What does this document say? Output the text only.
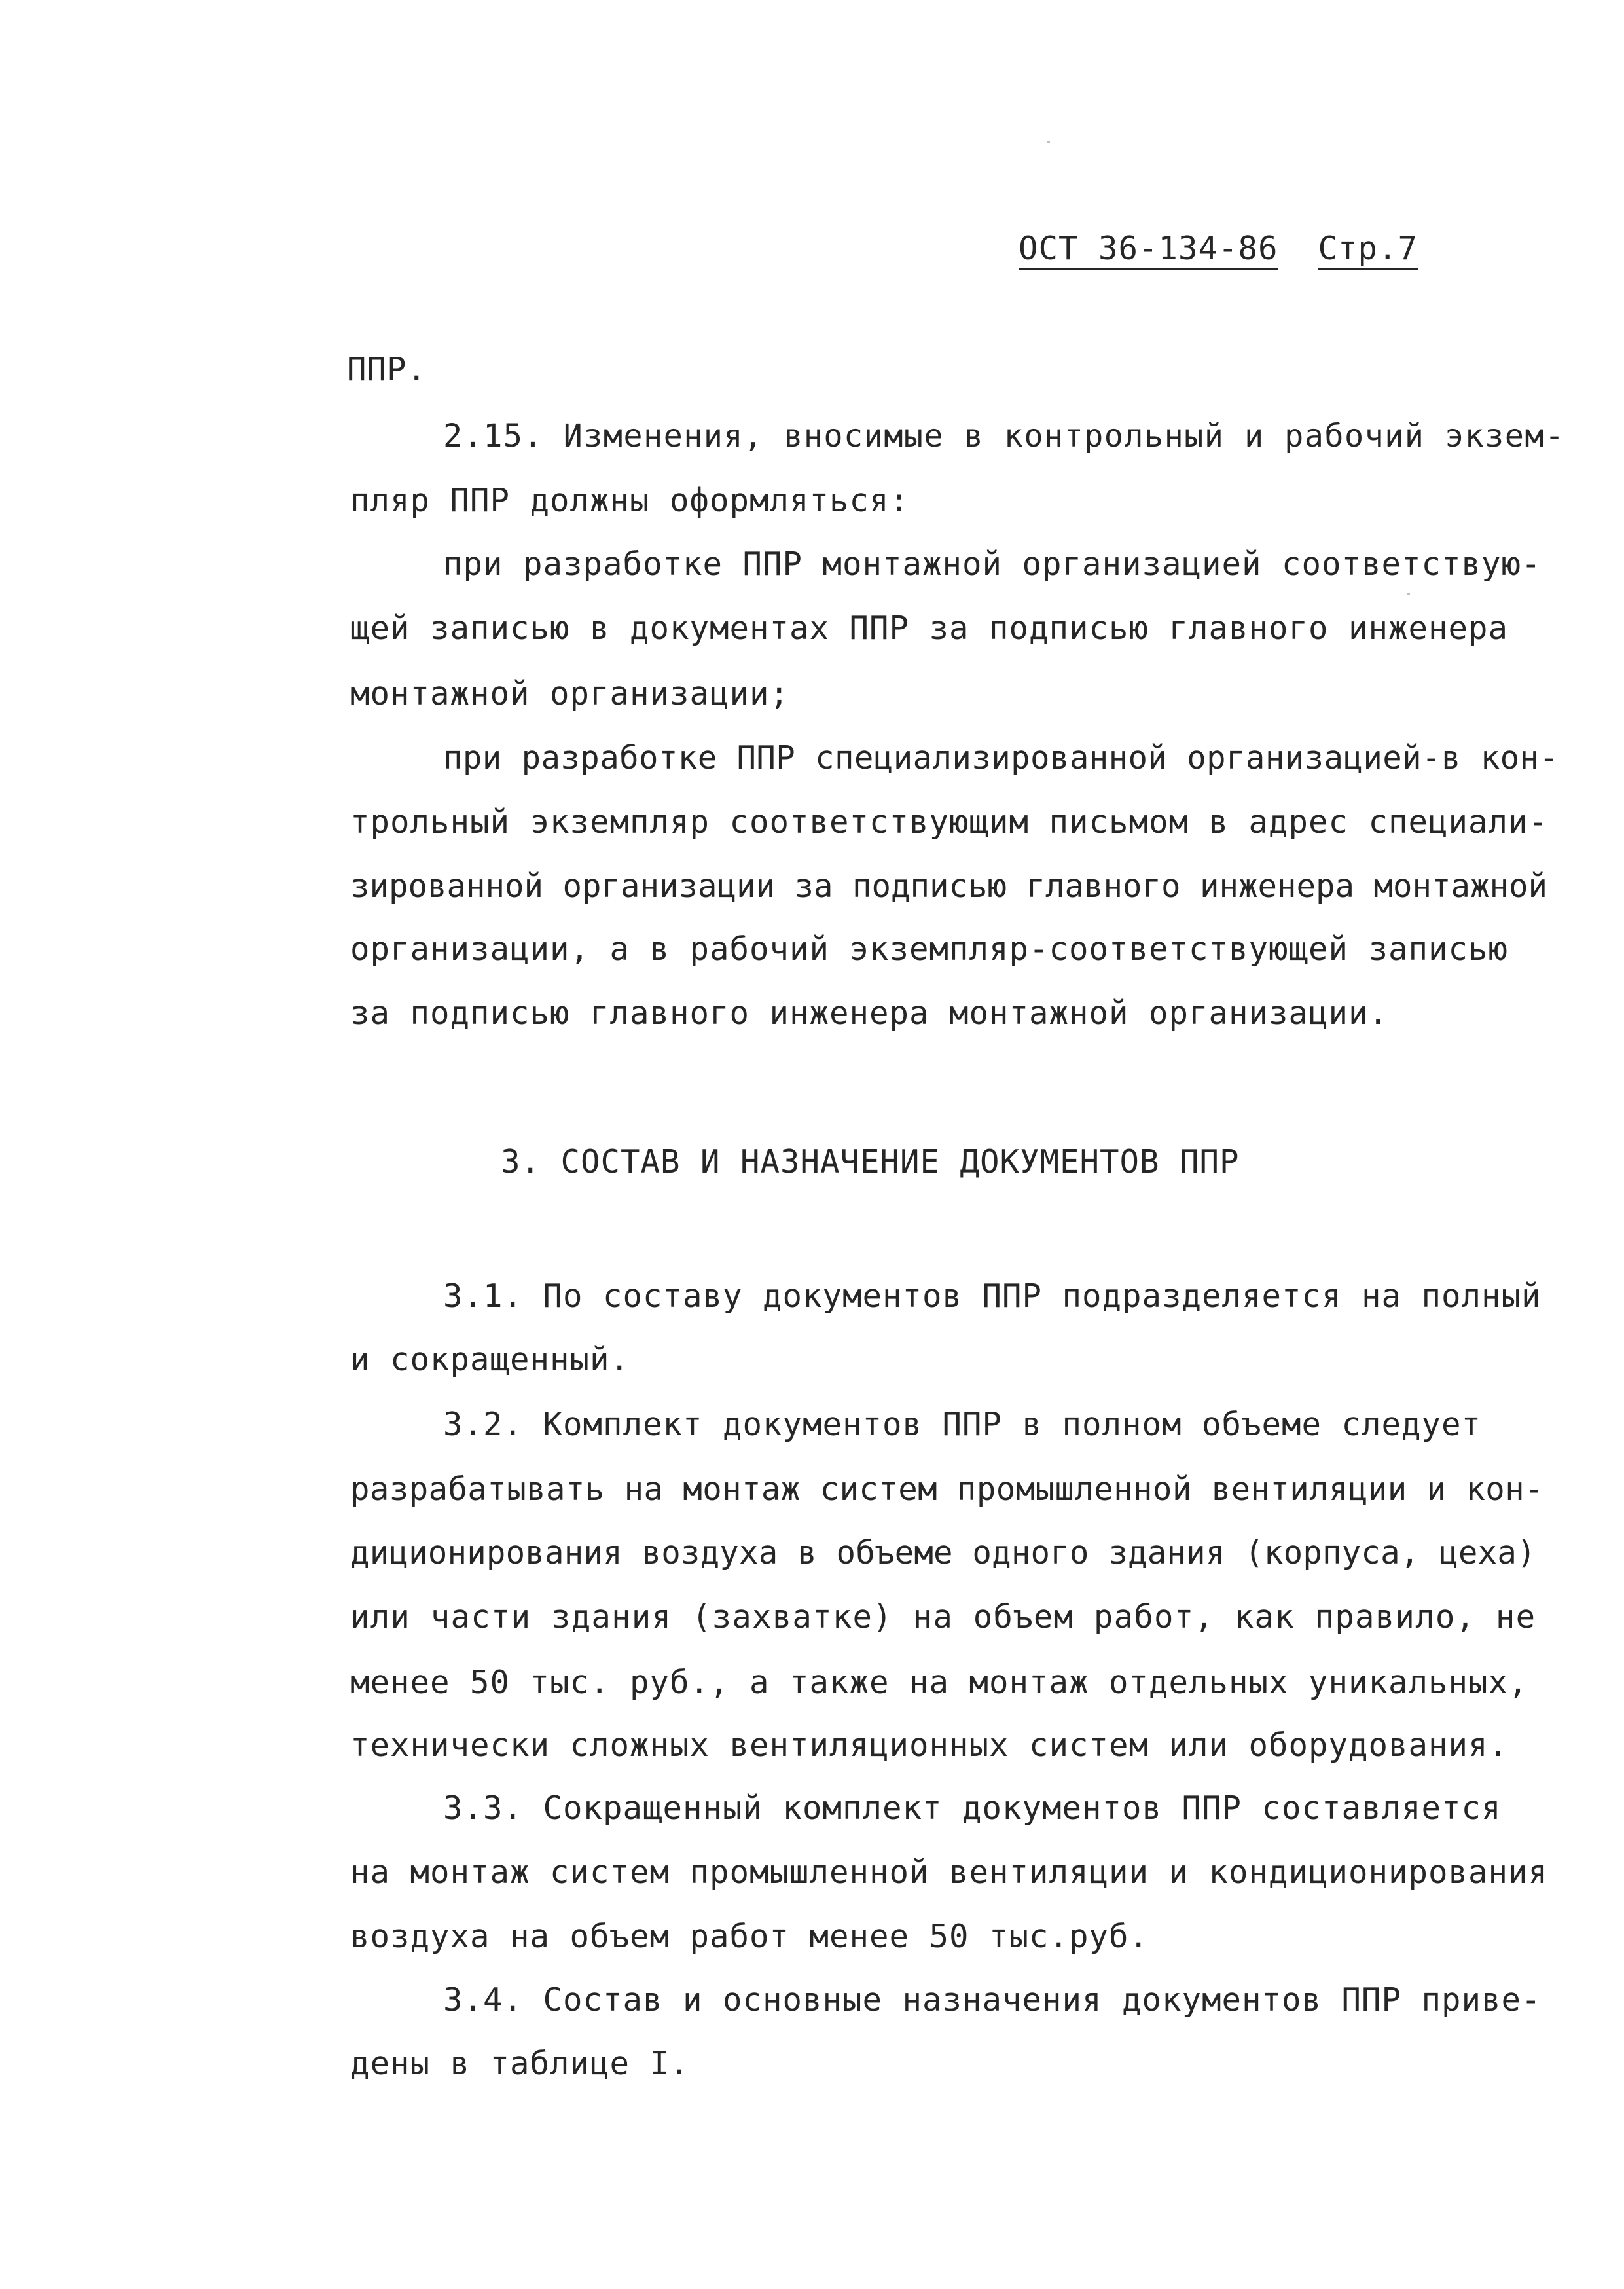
ОСТ 36-134-86 Стр.7
ППР.
2.15. Изменения, вносимые в контрольный и рабочий экзем-
пляр ППР должны оформляться:
при разработке ППР монтажной организацией соответствую-
щей записью в документах ППР за подписью главного инженера
монтажной организации;
при разработке ППР специализированной организацией-в кон-
трольный экземпляр соответствующим письмом в адрес специали-
зированной организации за подписью главного инженера монтажной
организации, а в рабочий экземпляр-соответствующей записью
за подписью главного инженера монтажной организации.
3. СОСТАВ И НАЗНАЧЕНИЕ ДОКУМЕНТОВ ППР
3.1. По составу документов ППР подразделяется на полный
и сокращенный.
3.2. Комплект документов ППР в полном объеме следует
разрабатывать на монтаж систем промышленной вентиляции и кон-
диционирования воздуха в объеме одного здания (корпуса, цеха)
или части здания (захватке) на объем работ, как правило, не
менее 50 тыс. руб., а также на монтаж отдельных уникальных,
технически сложных вентиляционных систем или оборудования.
3.3. Сокращенный комплект документов ППР составляется
на монтаж систем промышленной вентиляции и кондиционирования
воздуха на объем работ менее 50 тыс.руб.
3.4. Состав и основные назначения документов ППР приве-
дены в таблице I.
